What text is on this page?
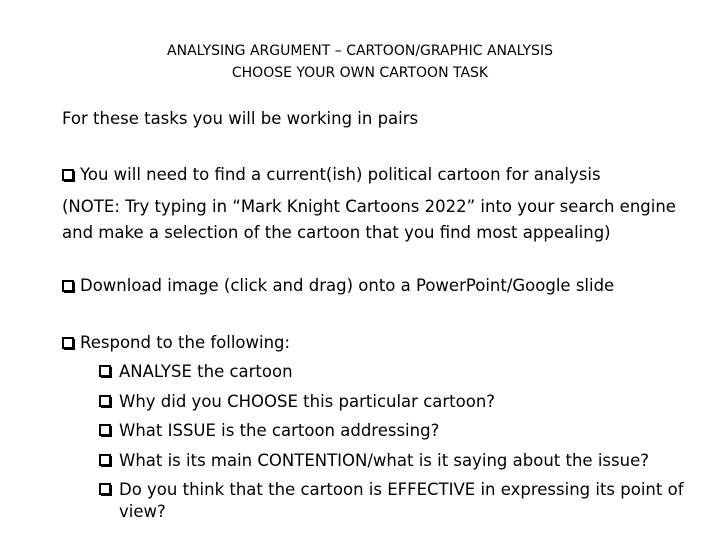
ANALYSING ARGUMENT – CARTOON/GRAPHIC ANALYSIS
CHOOSE YOUR OWN CARTOON TASK
For these tasks you will be working in pairs
You will need to find a current(ish) political cartoon for analysis
(NOTE: Try typing in “Mark Knight Cartoons 2022” into your search engine
and make a selection of the cartoon that you find most appealing)
Download image (click and drag) onto a PowerPoint/Google slide
Respond to the following:
ANALYSE the cartoon
Why did you CHOOSE this particular cartoon?
What ISSUE is the cartoon addressing?
What is its main CONTENTION/what is it saying about the issue?
Do you think that the cartoon is EFFECTIVE in expressing its point of view?
